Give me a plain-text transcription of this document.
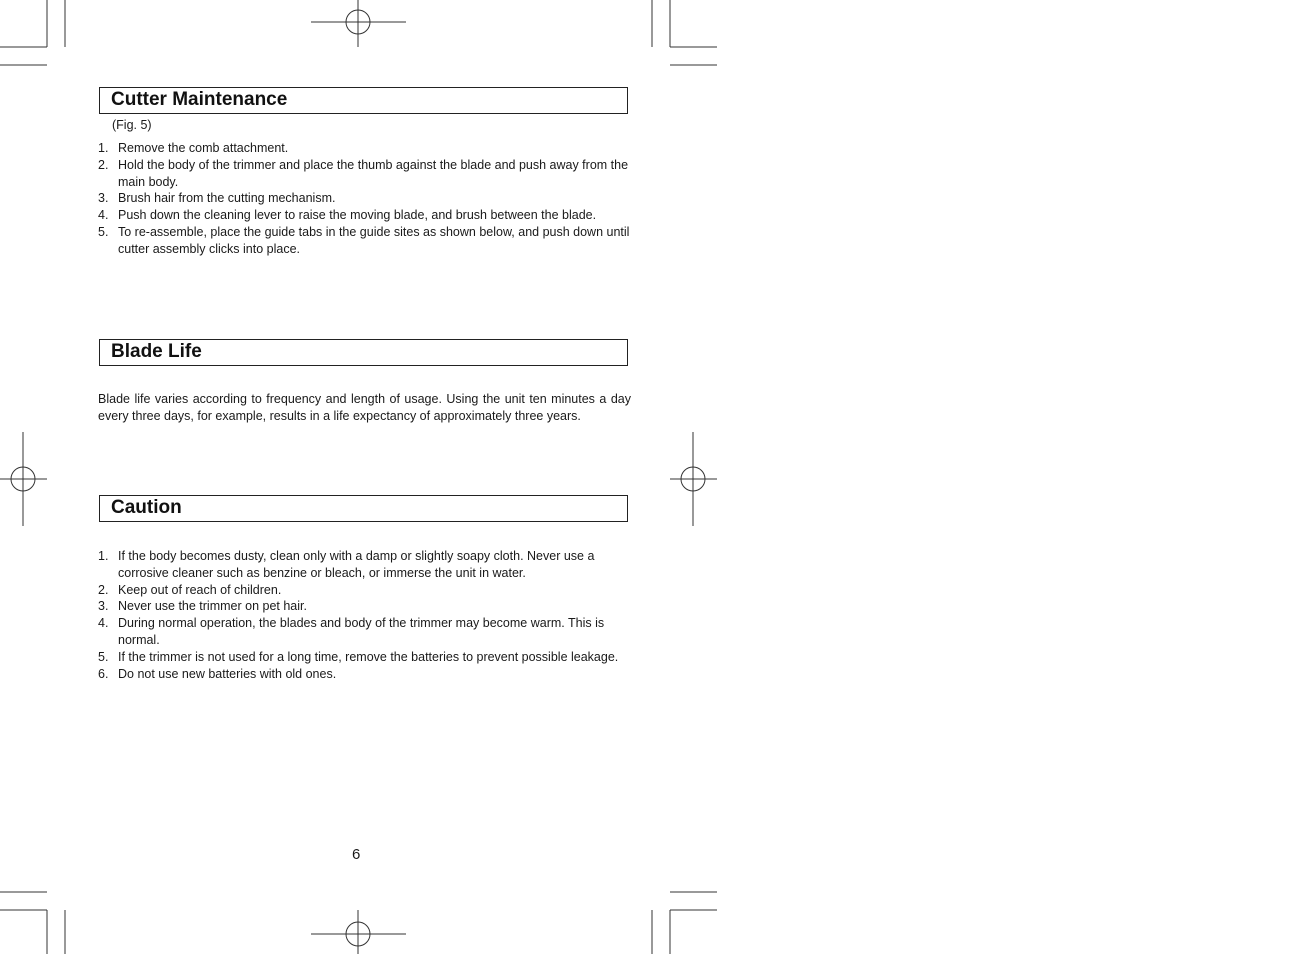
Cutter Maintenance
(Fig. 5)
1. Remove the comb attachment.
2. Hold the body of the trimmer and place the thumb against the blade and push away from the main body.
3. Brush hair from the cutting mechanism.
4. Push down the cleaning lever to raise the moving blade, and brush between the blade.
5. To re-assemble, place the guide tabs in the guide sites as shown below, and push down until cutter assembly clicks into place.
Blade Life

Blade life varies according to frequency and length of usage. Using the unit ten minutes a day every three days, for example, results in a life expectancy of approximately three years.

Caution
1. If the body becomes dusty, clean only with a damp or slightly soapy cloth. Never use a corrosive cleaner such as benzine or bleach, or immerse the unit in water.
2. Keep out of reach of children.
3. Never use the trimmer on pet hair.
4. During normal operation, the blades and body of the trimmer may become warm. This is normal.
5. If the trimmer is not used for a long time, remove the batteries to prevent possible leakage.
6. Do not use new batteries with old ones.
6
